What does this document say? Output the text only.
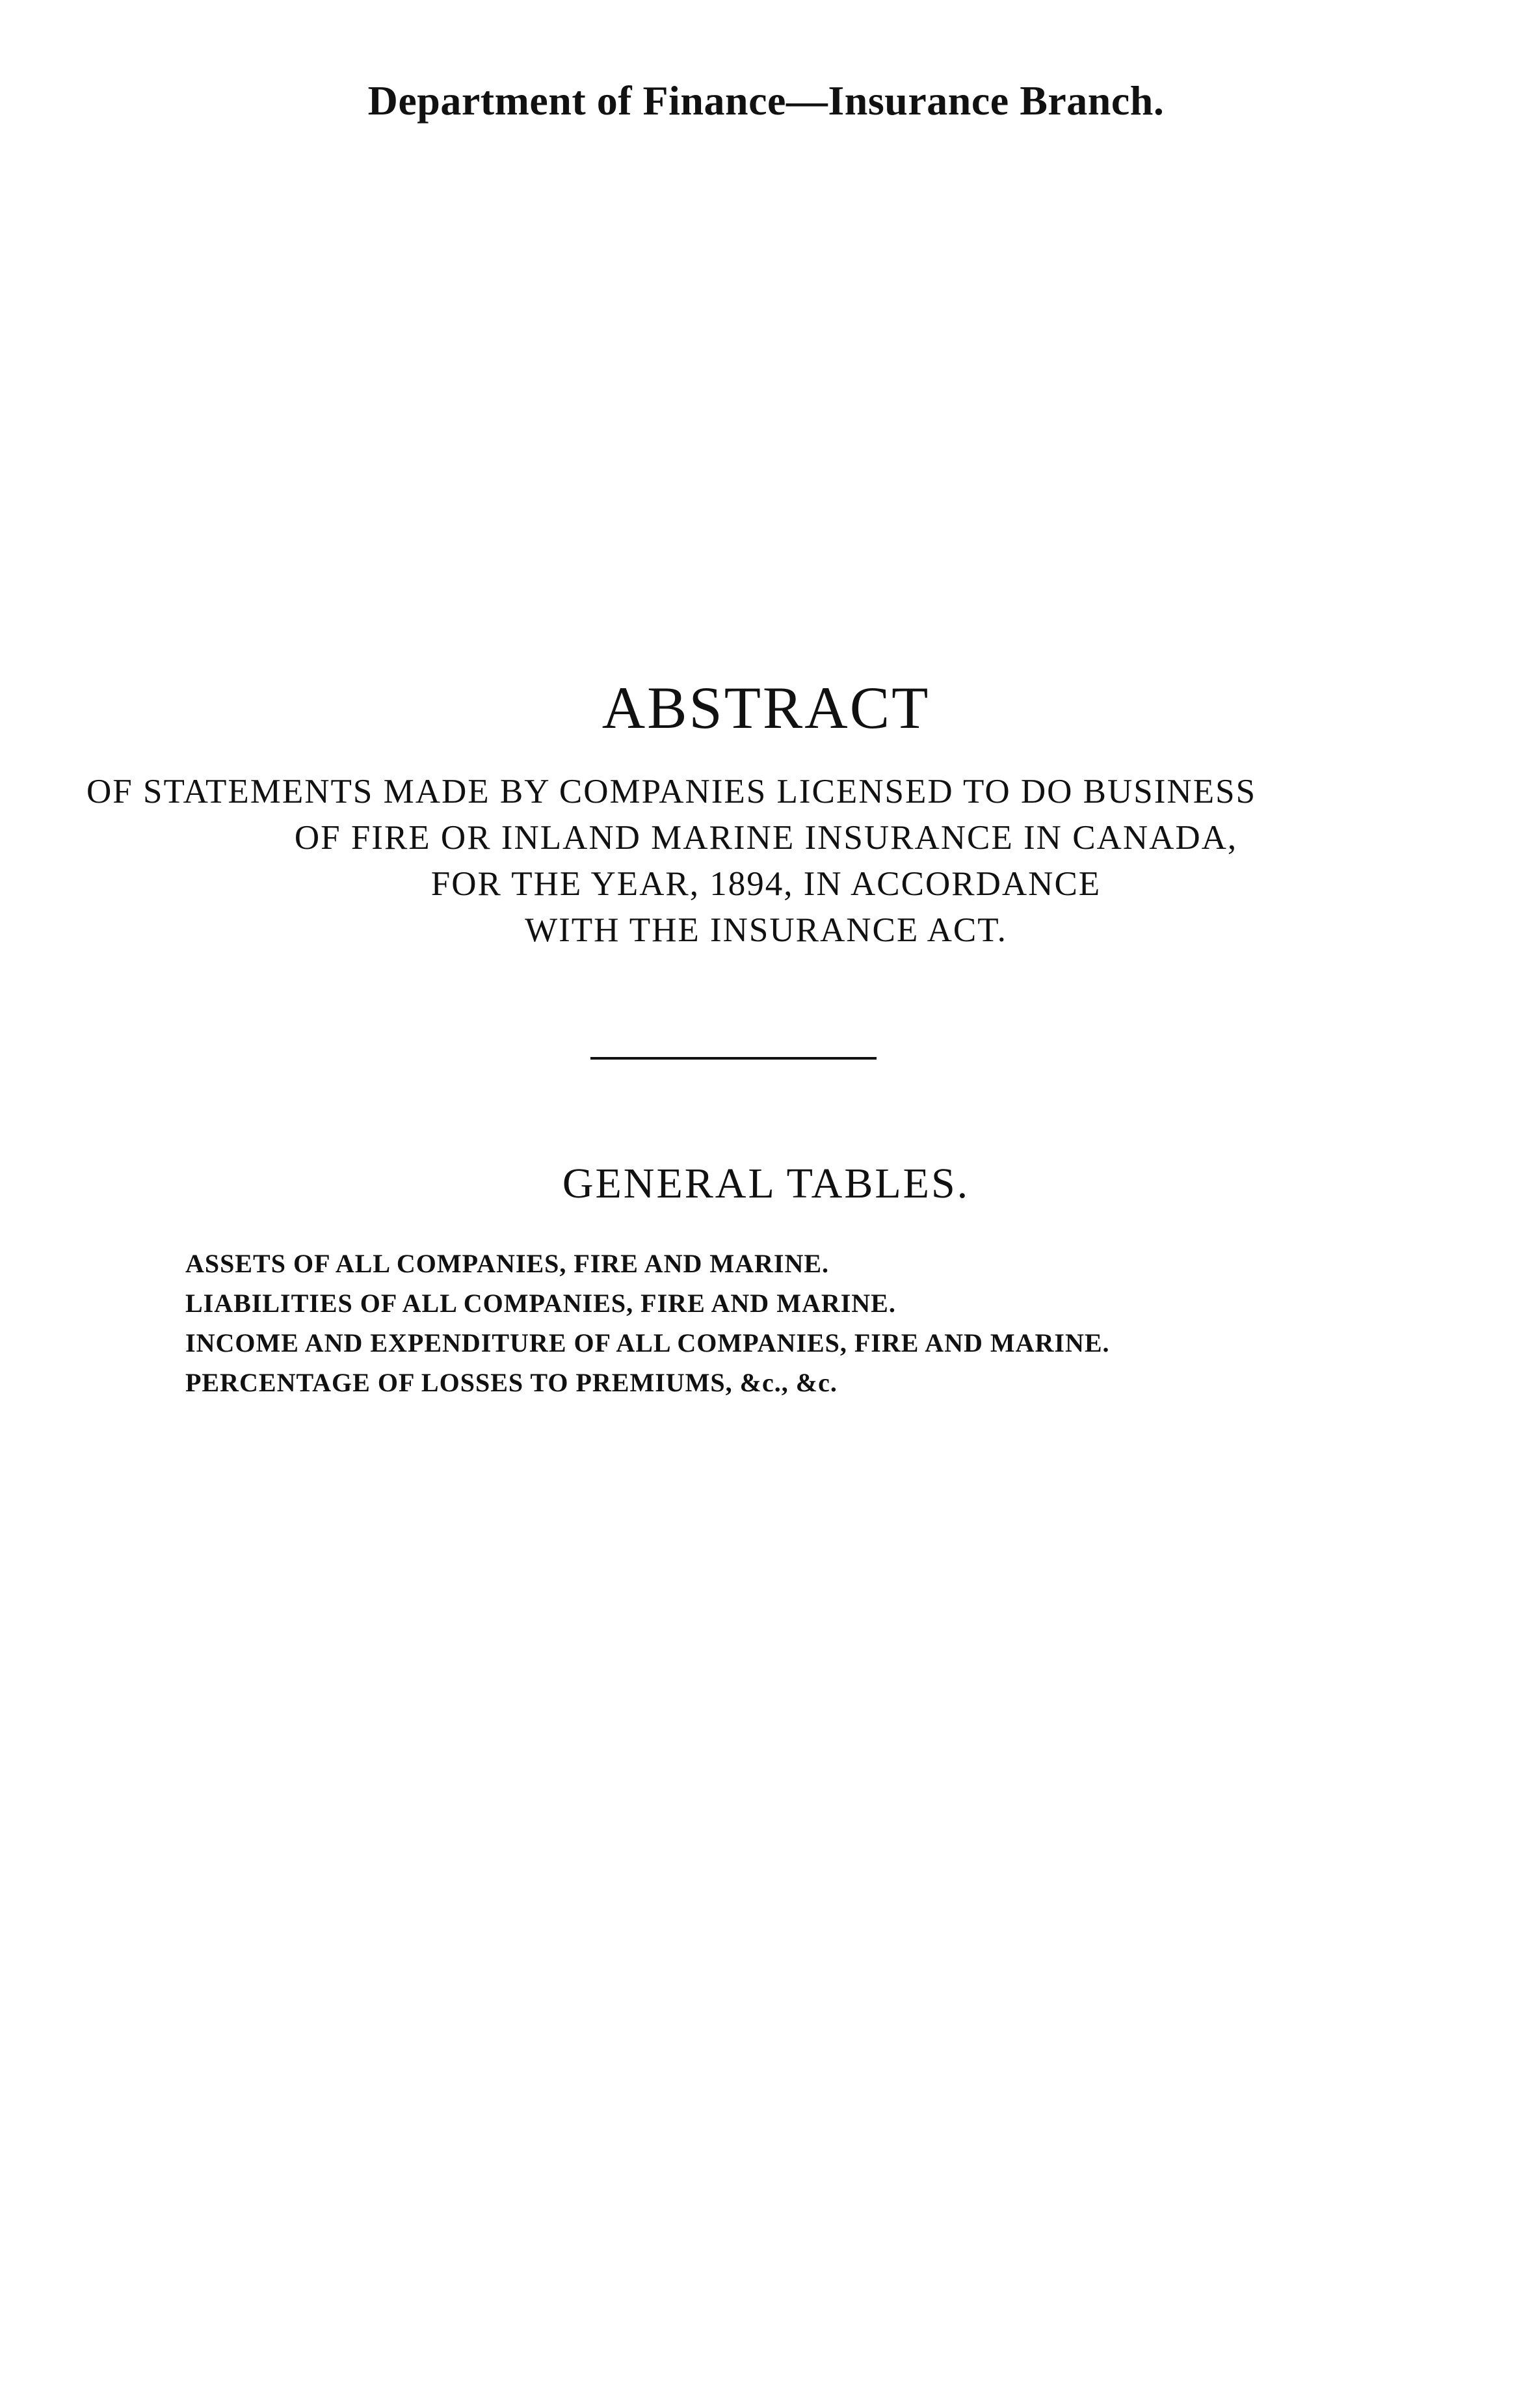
Department of Finance—Insurance Branch.
ABSTRACT
OF STATEMENTS MADE BY COMPANIES LICENSED TO DO BUSINESS
OF FIRE OR INLAND MARINE INSURANCE IN CANADA,
FOR THE YEAR, 1894, IN ACCORDANCE
WITH THE INSURANCE ACT.
GENERAL TABLES.
ASSETS OF ALL COMPANIES, FIRE AND MARINE.
LIABILITIES OF ALL COMPANIES, FIRE AND MARINE.
INCOME AND EXPENDITURE OF ALL COMPANIES, FIRE AND MARINE.
PERCENTAGE OF LOSSES TO PREMIUMS, &c., &c.
